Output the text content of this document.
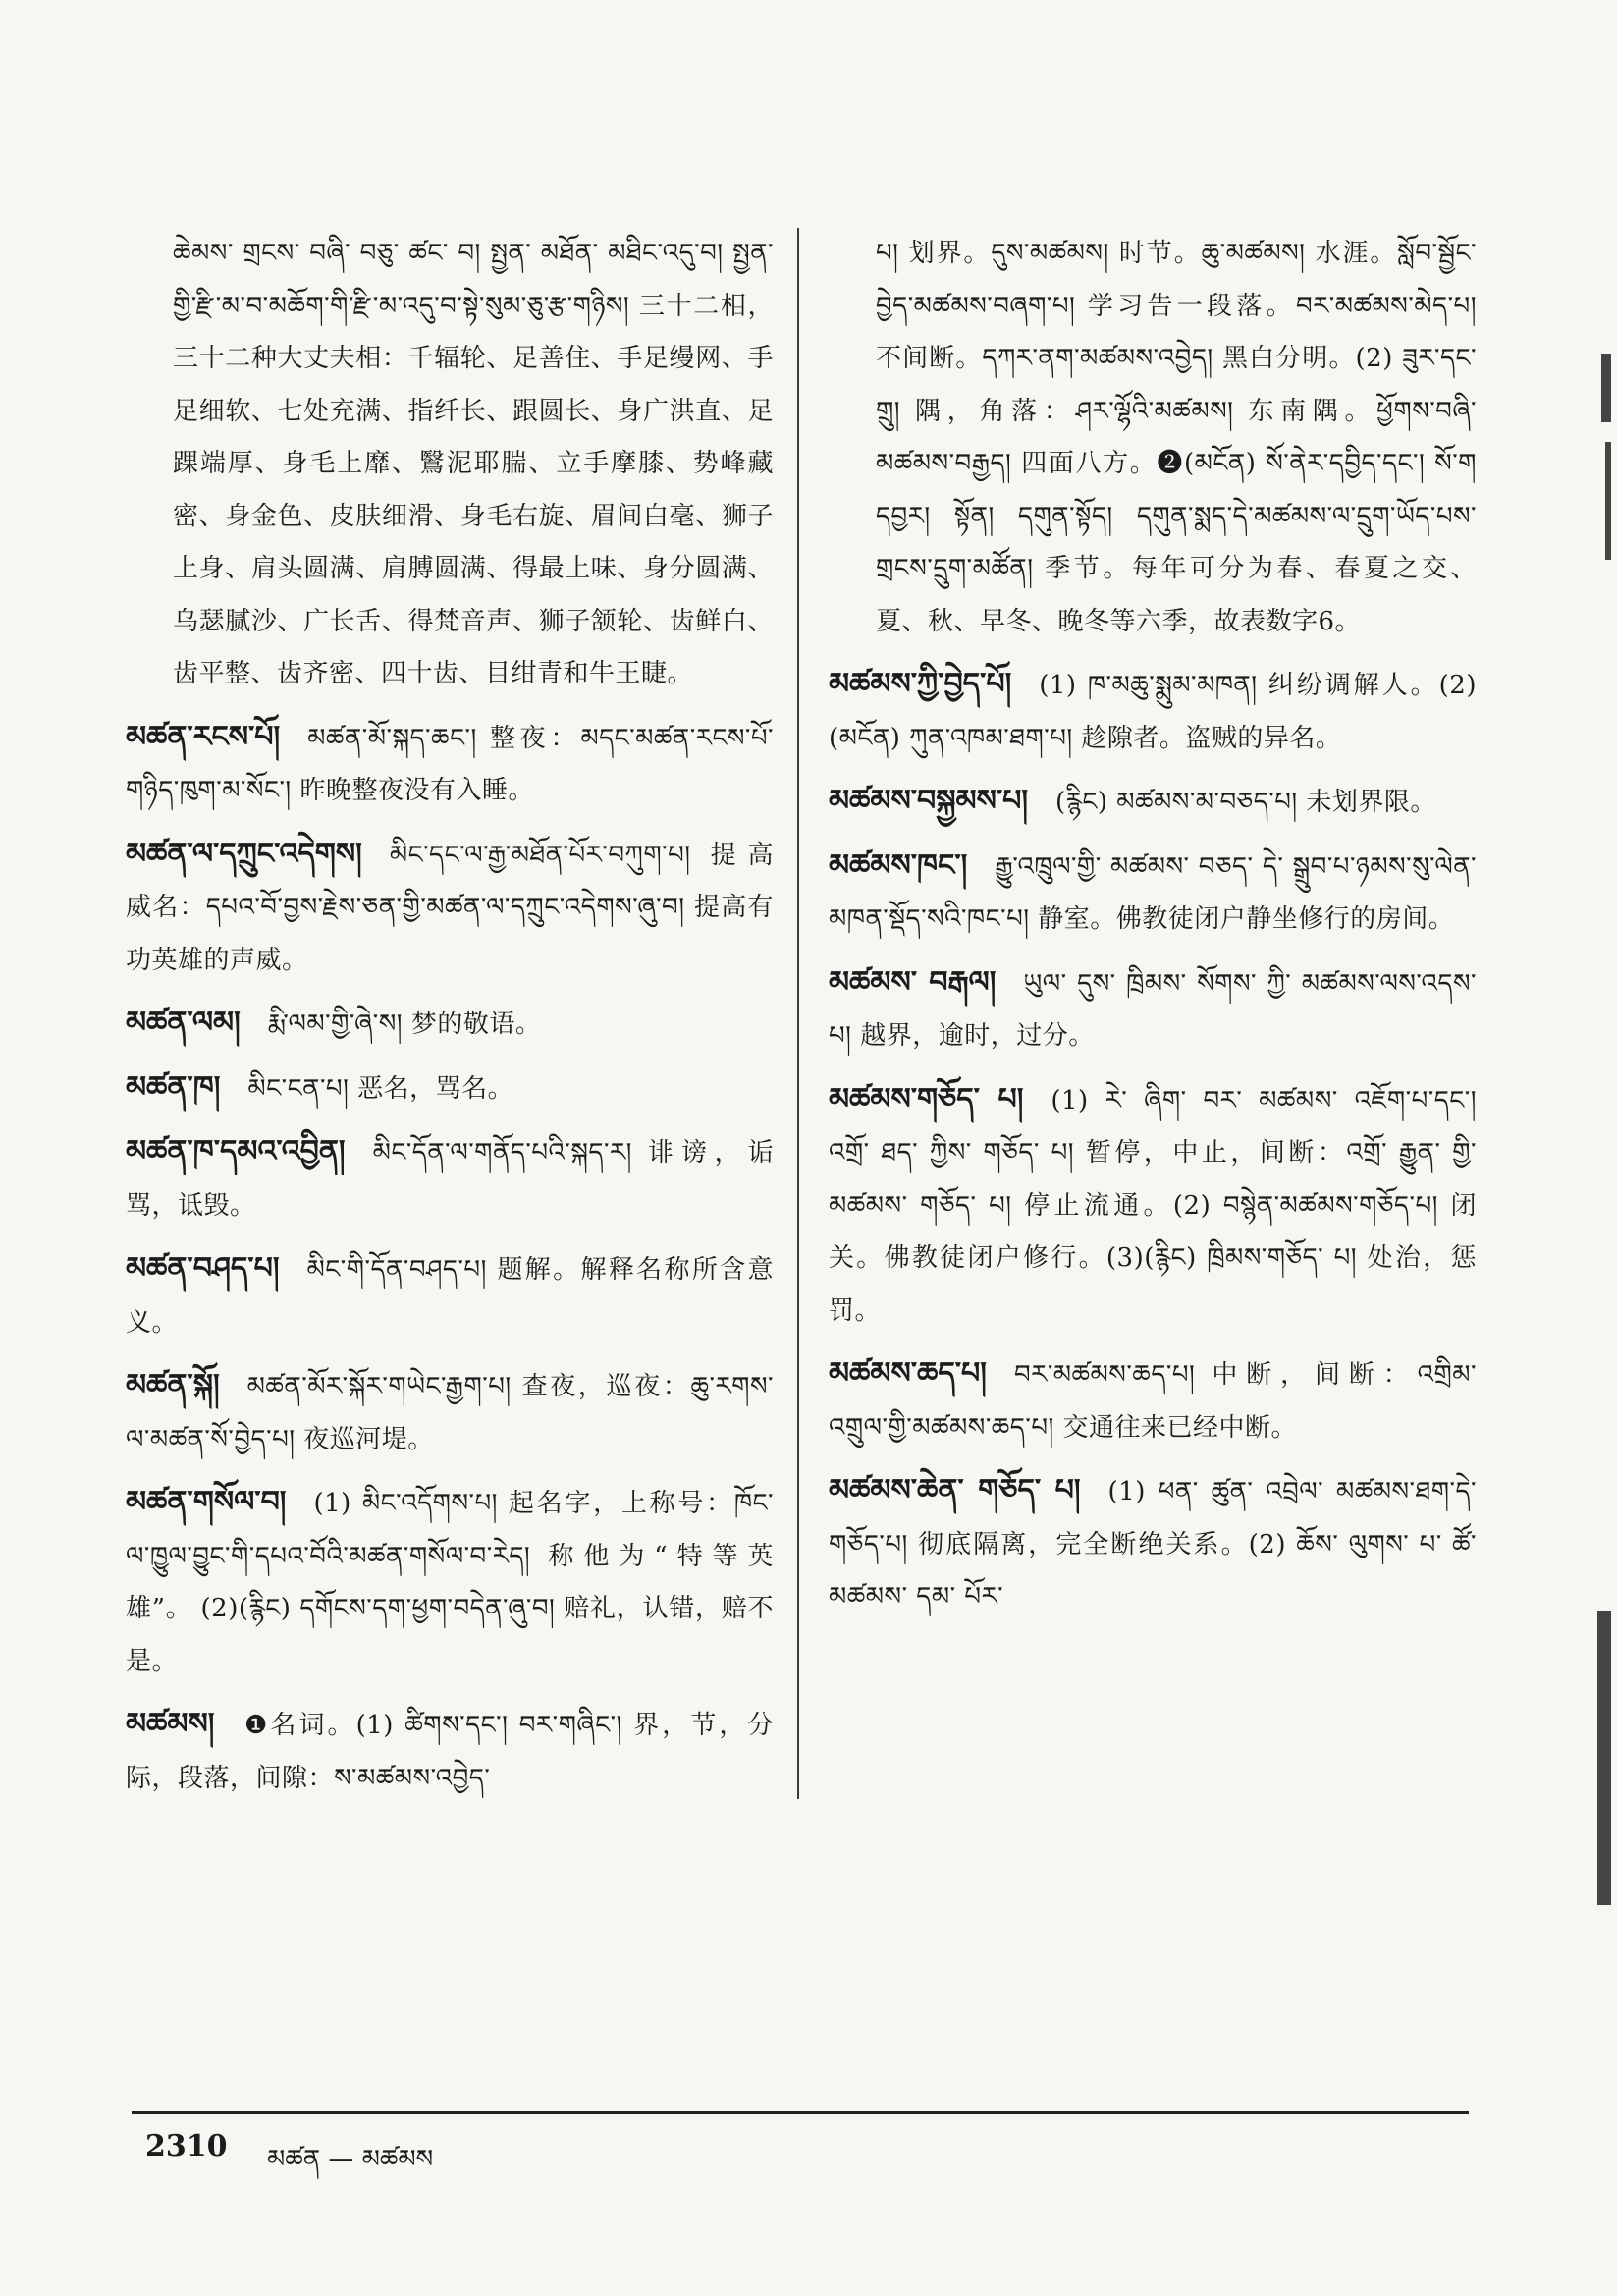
ཆེམས་ གྲངས་ བཞི་ བཅུ་ ཚང་ བ། སྤྱན་ མཐོན་ མཐིང་འདུ་བ། སྤྱན་གྱི་རྫི་མ་བ་མཆོག་གི་རྫི་མ་འདུ་བ་སྟེ་སུམ་ཅུ་རྩ་གཉིས། 三十二相，三十二种大丈夫相：千辐轮、足善住、手足缦网、手足细软、七处充满、指纤长、跟圆长、身广洪直、足踝端厚、身毛上靡、鷖泥耶腨、立手摩膝、势峰藏密、身金色、皮肤细滑、身毛右旋、眉间白毫、狮子上身、肩头圆满、肩膊圆满、得最上味、身分圆满、乌瑟腻沙、广长舌、得梵音声、狮子颔轮、齿鲜白、齿平整、齿齐密、四十齿、目绀青和牛王睫。

མཚན་རངས་པོ། མཚན་མོ་སྐད་ཆང་། 整夜：མདང་མཚན་རངས་པོ་གཉིད་ཁུག་མ་སོང་། 昨晚整夜没有入睡。

མཚན་ལ་དཀྲུང་འདེགས། མིང་དང་ལ་རྒྱ་མཐོན་པོར་བཀུག་པ། 提高威名：དཔའ་བོ་བྱས་རྗེས་ཅན་གྱི་མཚན་ལ་དཀྲུང་འདེགས་ཞུ་བ། 提高有功英雄的声威。

མཚན་ལམ། རྨི་ལམ་གྱི་ཞེ་ས། 梦的敬语。

མཚན་ཁ། མིང་ངན་པ། 恶名，骂名。

མཚན་ཁ་དམའ་འབྱིན། མིང་དོན་ལ་གནོད་པའི་སྐད་ར། 诽谤，诟骂，诋毁。

མཚན་བཤད་པ། མིང་གི་དོན་བཤད་པ། 题解。解释名称所含意义。

མཚན་སྐོ། མཚན་མོར་སྐོར་གཡེང་རྒྱག་པ། 查夜，巡夜：ཆུ་རགས་ལ་མཚན་སོ་བྱེད་པ། 夜巡河堤。

མཚན་གསོལ་བ། (1) མིང་འདོགས་པ། 起名字，上称号：ཁོང་ལ་ཁྱུལ་བྱུང་གི་དཔའ་བོའི་མཚན་གསོལ་བ་རེད། 称他为“特等英雄”。 (2)(རྙིང) དགོངས་དག་ཕྱག་བདེན་ཞུ་བ། 赔礼，认错，赔不是。

མཚམས། ❶名词。(1) ཚིགས་དང་། བར་གཞིང་། 界，节，分际，段落，间隙：ས་མཚམས་འབྱེད་

པ། 划界。དུས་མཚམས། 时节。ཆུ་མཚམས། 水涯。སློབ་སྦྱོང་བྱེད་མཚམས་བཞག་པ། 学习告一段落。བར་མཚམས་མེད་པ། 不间断。དཀར་ནག་མཚམས་འབྱེད། 黑白分明。(2) ཟུར་དང་གྲུ། 隅，角落：ཤར་ལྷོའི་མཚམས། 东南隅。ཕྱོགས་བཞི་མཚམས་བརྒྱད། 四面八方。❷(མངོན) སོ་ནེར་དབྱིད་དང་། སོ་ག དབྱར། སྟོན། དགུན་སྟོད། དགུན་སྨད་དེ་མཚམས་ལ་དྲུག་ཡོད་པས་གྲངས་དྲུག་མཚོན། 季节。每年可分为春、春夏之交、夏、秋、早冬、晚冬等六季，故表数字6。

མཚམས་ཀྱི་བྱེད་པོ། (1) ཁ་མཆུ་སྨུམ་མཁན། 纠纷调解人。(2)(མངོན) ཀུན་འཁམ་ཐག་པ། 趁隙者。盗贼的异名。

མཚམས་བསྐྱམས་པ། (རྙིང) མཚམས་མ་བཅད་པ། 未划界限。

མཚམས་ཁང་། རྒྱུ་འཁྲུལ་གྱི་ མཚམས་ བཅད་ དེ་ སྒྲུབ་པ་ཉམས་སུ་ལེན་མཁན་སྡོད་སའི་ཁང་པ། 静室。佛教徒闭户静坐修行的房间。

མཚམས་ བརྒལ། ཡུལ་ དུས་ ཁྲིམས་ སོགས་ ཀྱི་ མཚམས་ལས་འདས་པ། 越界，逾时，过分。

མཚམས་གཅོད་ པ། (1) རེ་ ཞིག་ བར་ མཚམས་ འཇོག་པ་དང་། འགྲོ་ ཐད་ ཀྱིས་ གཅོད་ པ། 暂停，中止，间断：འགྲོ་ རྒྱུན་ གྱི་ མཚམས་ གཅོད་ པ། 停止流通。(2) བསྙེན་མཚམས་གཅོད་པ། 闭关。佛教徒闭户修行。(3)(རྙིང) ཁྲིམས་གཅོད་ པ། 处治，惩罚。

མཚམས་ཆད་པ། བར་མཚམས་ཆད་པ། 中断，间断：འགྲིམ་འགྲུལ་གྱི་མཚམས་ཆད་པ། 交通往来已经中断。

མཚམས་ཆེན་ གཅོད་ པ། (1) ཕན་ ཚུན་ འབྲེལ་ མཚམས་ཐག་དེ་གཅོད་པ། 彻底隔离，完全断绝关系。(2) ཆོས་ ལུགས་ པ་ ཚོ་ མཚམས་ དམ་ པོར་

2310 མཚན — མཚམས
